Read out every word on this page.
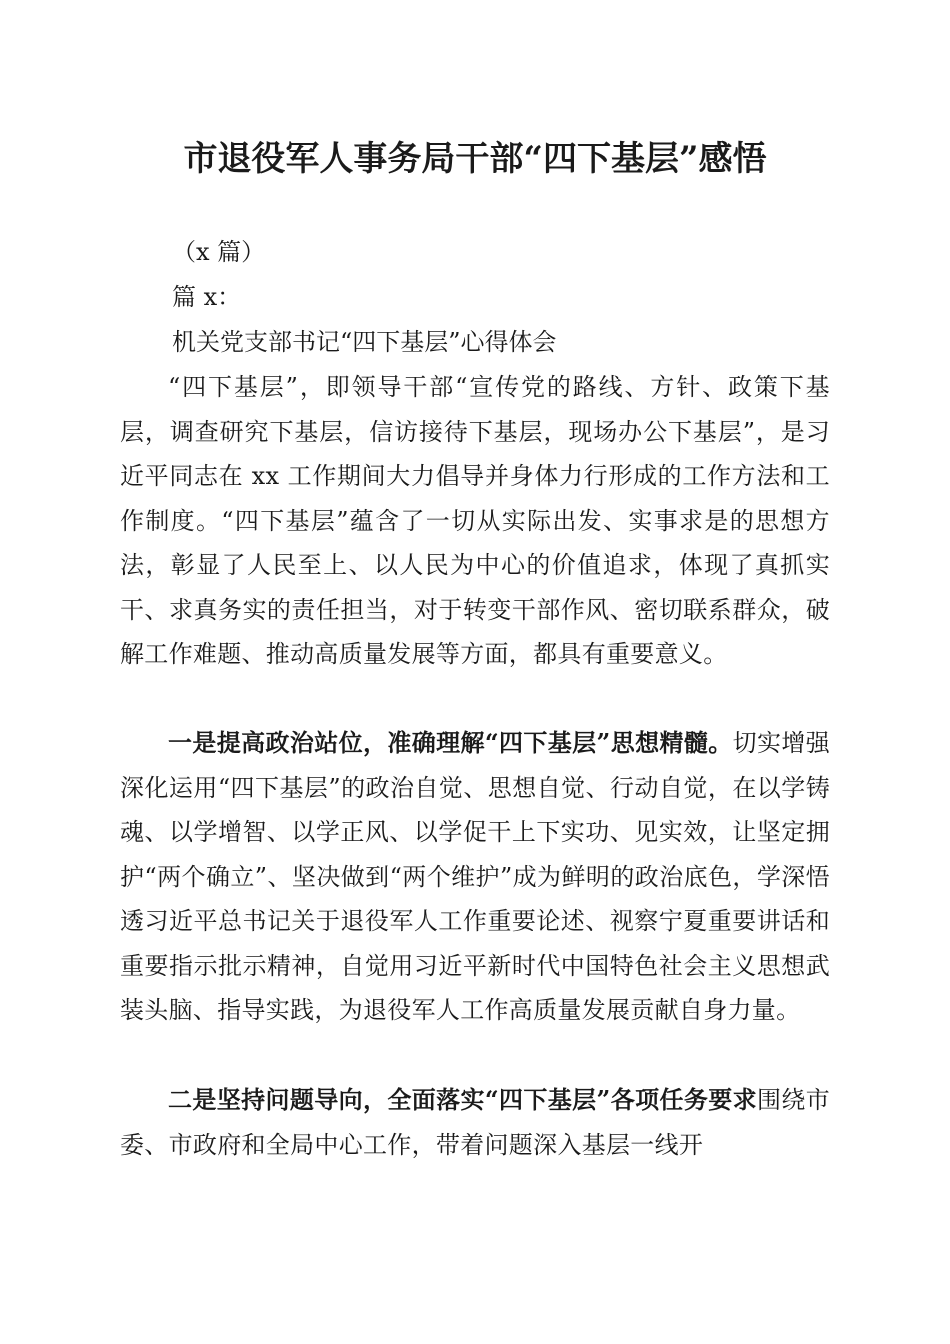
市退役军人事务局干部“四下基层”感悟

（x 篇）

篇 x：

机关党支部书记“四下基层”心得体会

“四下基层”，即领导干部“宣传党的路线、方针、政策下基层，调查研究下基层，信访接待下基层，现场办公下基层”，是习近平同志在 xx 工作期间大力倡导并身体力行形成的工作方法和工作制度。“四下基层”蕴含了一切从实际出发、实事求是的思想方法，彰显了人民至上、以人民为中心的价值追求，体现了真抓实干、求真务实的责任担当，对于转变干部作风、密切联系群众，破解工作难题、推动高质量发展等方面，都具有重要意义。

一是提高政治站位，准确理解“四下基层”思想精髓。切实增强深化运用“四下基层”的政治自觉、思想自觉、行动自觉，在以学铸魂、以学增智、以学正风、以学促干上下实功、见实效，让坚定拥护“两个确立”、坚决做到“两个维护”成为鲜明的政治底色，学深悟透习近平总书记关于退役军人工作重要论述、视察宁夏重要讲话和重要指示批示精神，自觉用习近平新时代中国特色社会主义思想武装头脑、指导实践，为退役军人工作高质量发展贡献自身力量。

二是坚持问题导向，全面落实“四下基层”各项任务要求围绕市委、市政府和全局中心工作，带着问题深入基层一线开
